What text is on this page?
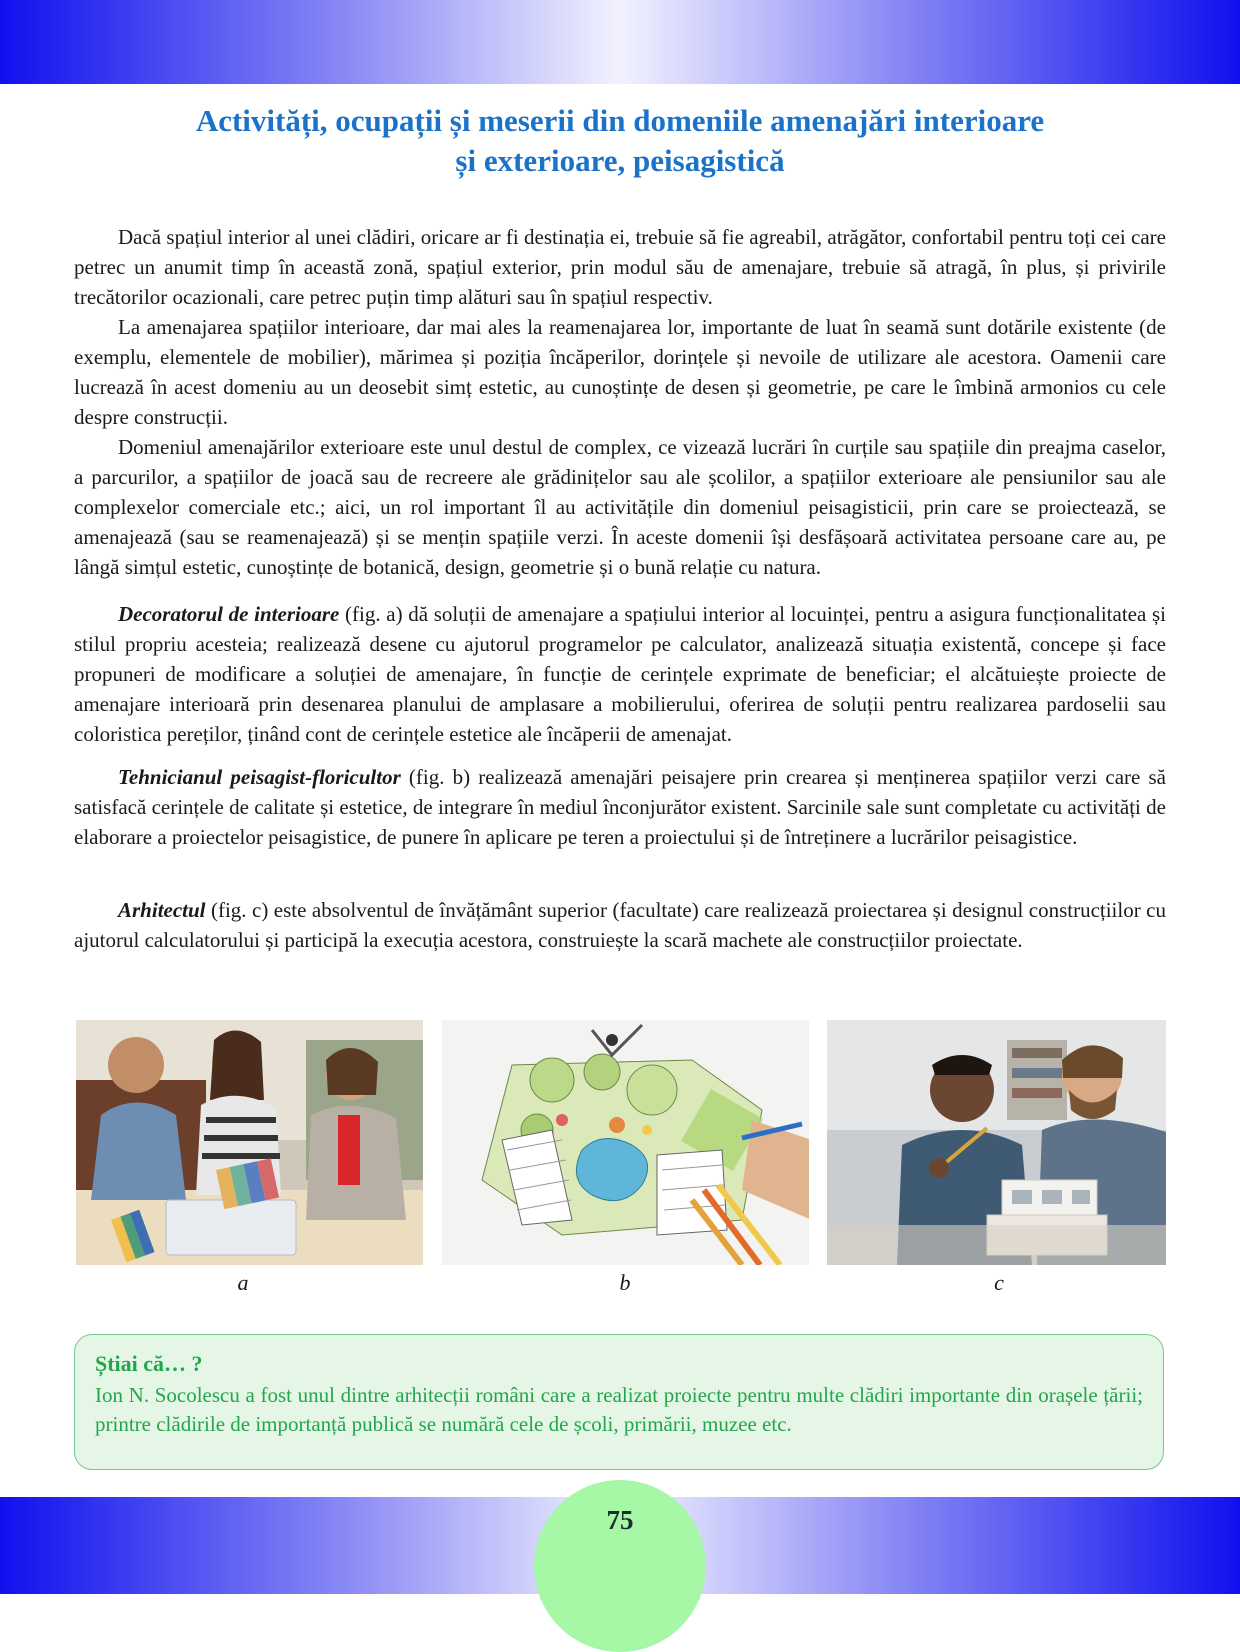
Activități, ocupații și meserii din domeniile amenajări interioare
și exterioare, peisagistică

Dacă spațiul interior al unei clădiri, oricare ar fi destinația ei, trebuie să fie agreabil, atrăgător, confortabil pentru toți cei care petrec un anumit timp în această zonă, spațiul exterior, prin modul său de amenajare, trebuie să atragă, în plus, și privirile trecătorilor ocazionali, care petrec puțin timp alături sau în spațiul respectiv.

La amenajarea spațiilor interioare, dar mai ales la reamenajarea lor, importante de luat în seamă sunt dotările existente (de exemplu, elementele de mobilier), mărimea și poziția încăperilor, dorințele și nevoile de utilizare ale acestora. Oamenii care lucrează în acest domeniu au un deosebit simț estetic, au cunoștințe de desen și geometrie, pe care le îmbină armonios cu cele despre construcții.

Domeniul amenajărilor exterioare este unul destul de complex, ce vizează lucrări în curțile sau spațiile din preajma caselor, a parcurilor, a spațiilor de joacă sau de recreere ale grădinițelor sau ale școlilor, a spațiilor exterioare ale pensiunilor sau ale complexelor comerciale etc.; aici, un rol important îl au activitățile din domeniul peisagisticii, prin care se proiectează, se amenajează (sau se reamenajează) și se mențin spațiile verzi. În aceste domenii își desfășoară activitatea persoane care au, pe lângă simțul estetic, cunoștințe de botanică, design, geometrie și o bună relație cu natura.

Decoratorul de interioare (fig. a) dă soluții de amenajare a spațiului interior al locuinței, pentru a asigura funcționalitatea și stilul propriu acesteia; realizează desene cu ajutorul programelor pe calculator, analizează situația existentă, concepe și face propuneri de modificare a soluției de amenajare, în funcție de cerințele exprimate de beneficiar; el alcătuiește proiecte de amenajare interioară prin desenarea planului de amplasare a mobilierului, oferirea de soluții pentru realizarea pardoselii sau coloristica pereților, ținând cont de cerințele estetice ale încăperii de amenajat.

Tehnicianul peisagist-floricultor (fig. b) realizează amenajări peisajere prin crearea și menținerea spațiilor verzi care să satisfacă cerințele de calitate și estetice, de integrare în mediul înconjurător existent. Sarcinile sale sunt completate cu activități de elaborare a proiectelor peisagistice, de punere în aplicare pe teren a proiectului și de întreținere a lucrărilor peisagistice.

Arhitectul (fig. c) este absolventul de învățământ superior (facultate) care realizează proiectarea și designul construcțiilor cu ajutorul calculatorului și participă la execuția acestora, construiește la scară machete ale construcțiilor proiectate.

a	b	c
Știai că… ?
Ion N. Socolescu a fost unul dintre arhitecții români care a realizat proiecte pentru multe clădiri importante din orașele țării; printre clădirile de importanță publică se numără cele de școli, primării, muzee etc.
75
